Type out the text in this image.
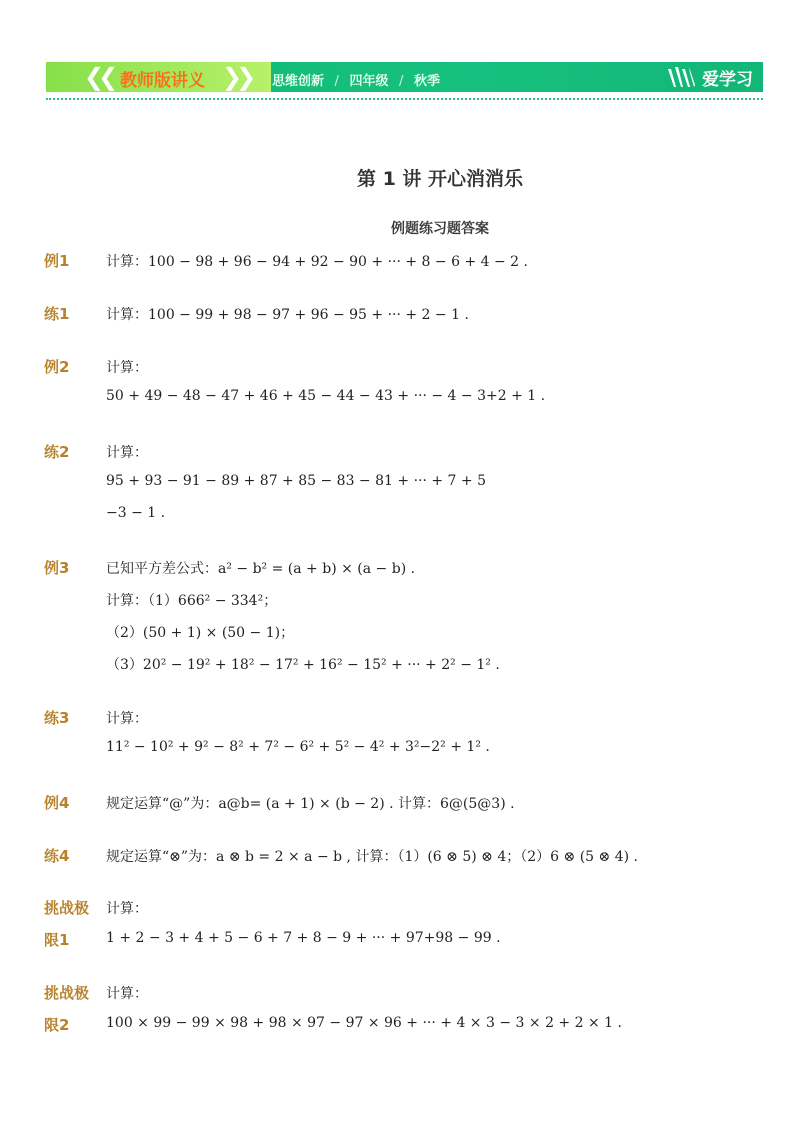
❮❮ 教师版讲义 ❯❯ 思维创新 / 四年级 / 秋季	爱学习
第 1 讲 开心消消乐
例题练习题答案
例1	计算：100 − 98 + 96 − 94 + 92 − 90 + ··· + 8 − 6 + 4 − 2 .
练1	计算：100 − 99 + 98 − 97 + 96 − 95 + ··· + 2 − 1 .
例2	计算：
50 + 49 − 48 − 47 + 46 + 45 − 44 − 43 + ··· − 4 − 3+2 + 1 .
练2	计算：
95 + 93 − 91 − 89 + 87 + 85 − 83 − 81 + ··· + 7 + 5
−3 − 1 .
例3	已知平方差公式：a² − b² = (a + b) × (a − b) .
计算：（1）666² − 334²；
（2）(50 + 1) × (50 − 1)；
（3）20² − 19² + 18² − 17² + 16² − 15² + ··· + 2² − 1² .
练3	计算：
11² − 10² + 9² − 8² + 7² − 6² + 5² − 4² + 3²−2² + 1² .
例4	规定运算“@”为：a@b= (a + 1) × (b − 2) . 计算：6@(5@3) .
练4	规定运算“⊗”为：a ⊗ b = 2 × a − b , 计算：（1）(6 ⊗ 5) ⊗ 4；（2）6 ⊗ (5 ⊗ 4) .
挑战极 计算：
限1	1 + 2 − 3 + 4 + 5 − 6 + 7 + 8 − 9 + ··· + 97+98 − 99 .
挑战极 计算：
限2	100 × 99 − 99 × 98 + 98 × 97 − 97 × 96 + ··· + 4 × 3 − 3 × 2 + 2 × 1 .
